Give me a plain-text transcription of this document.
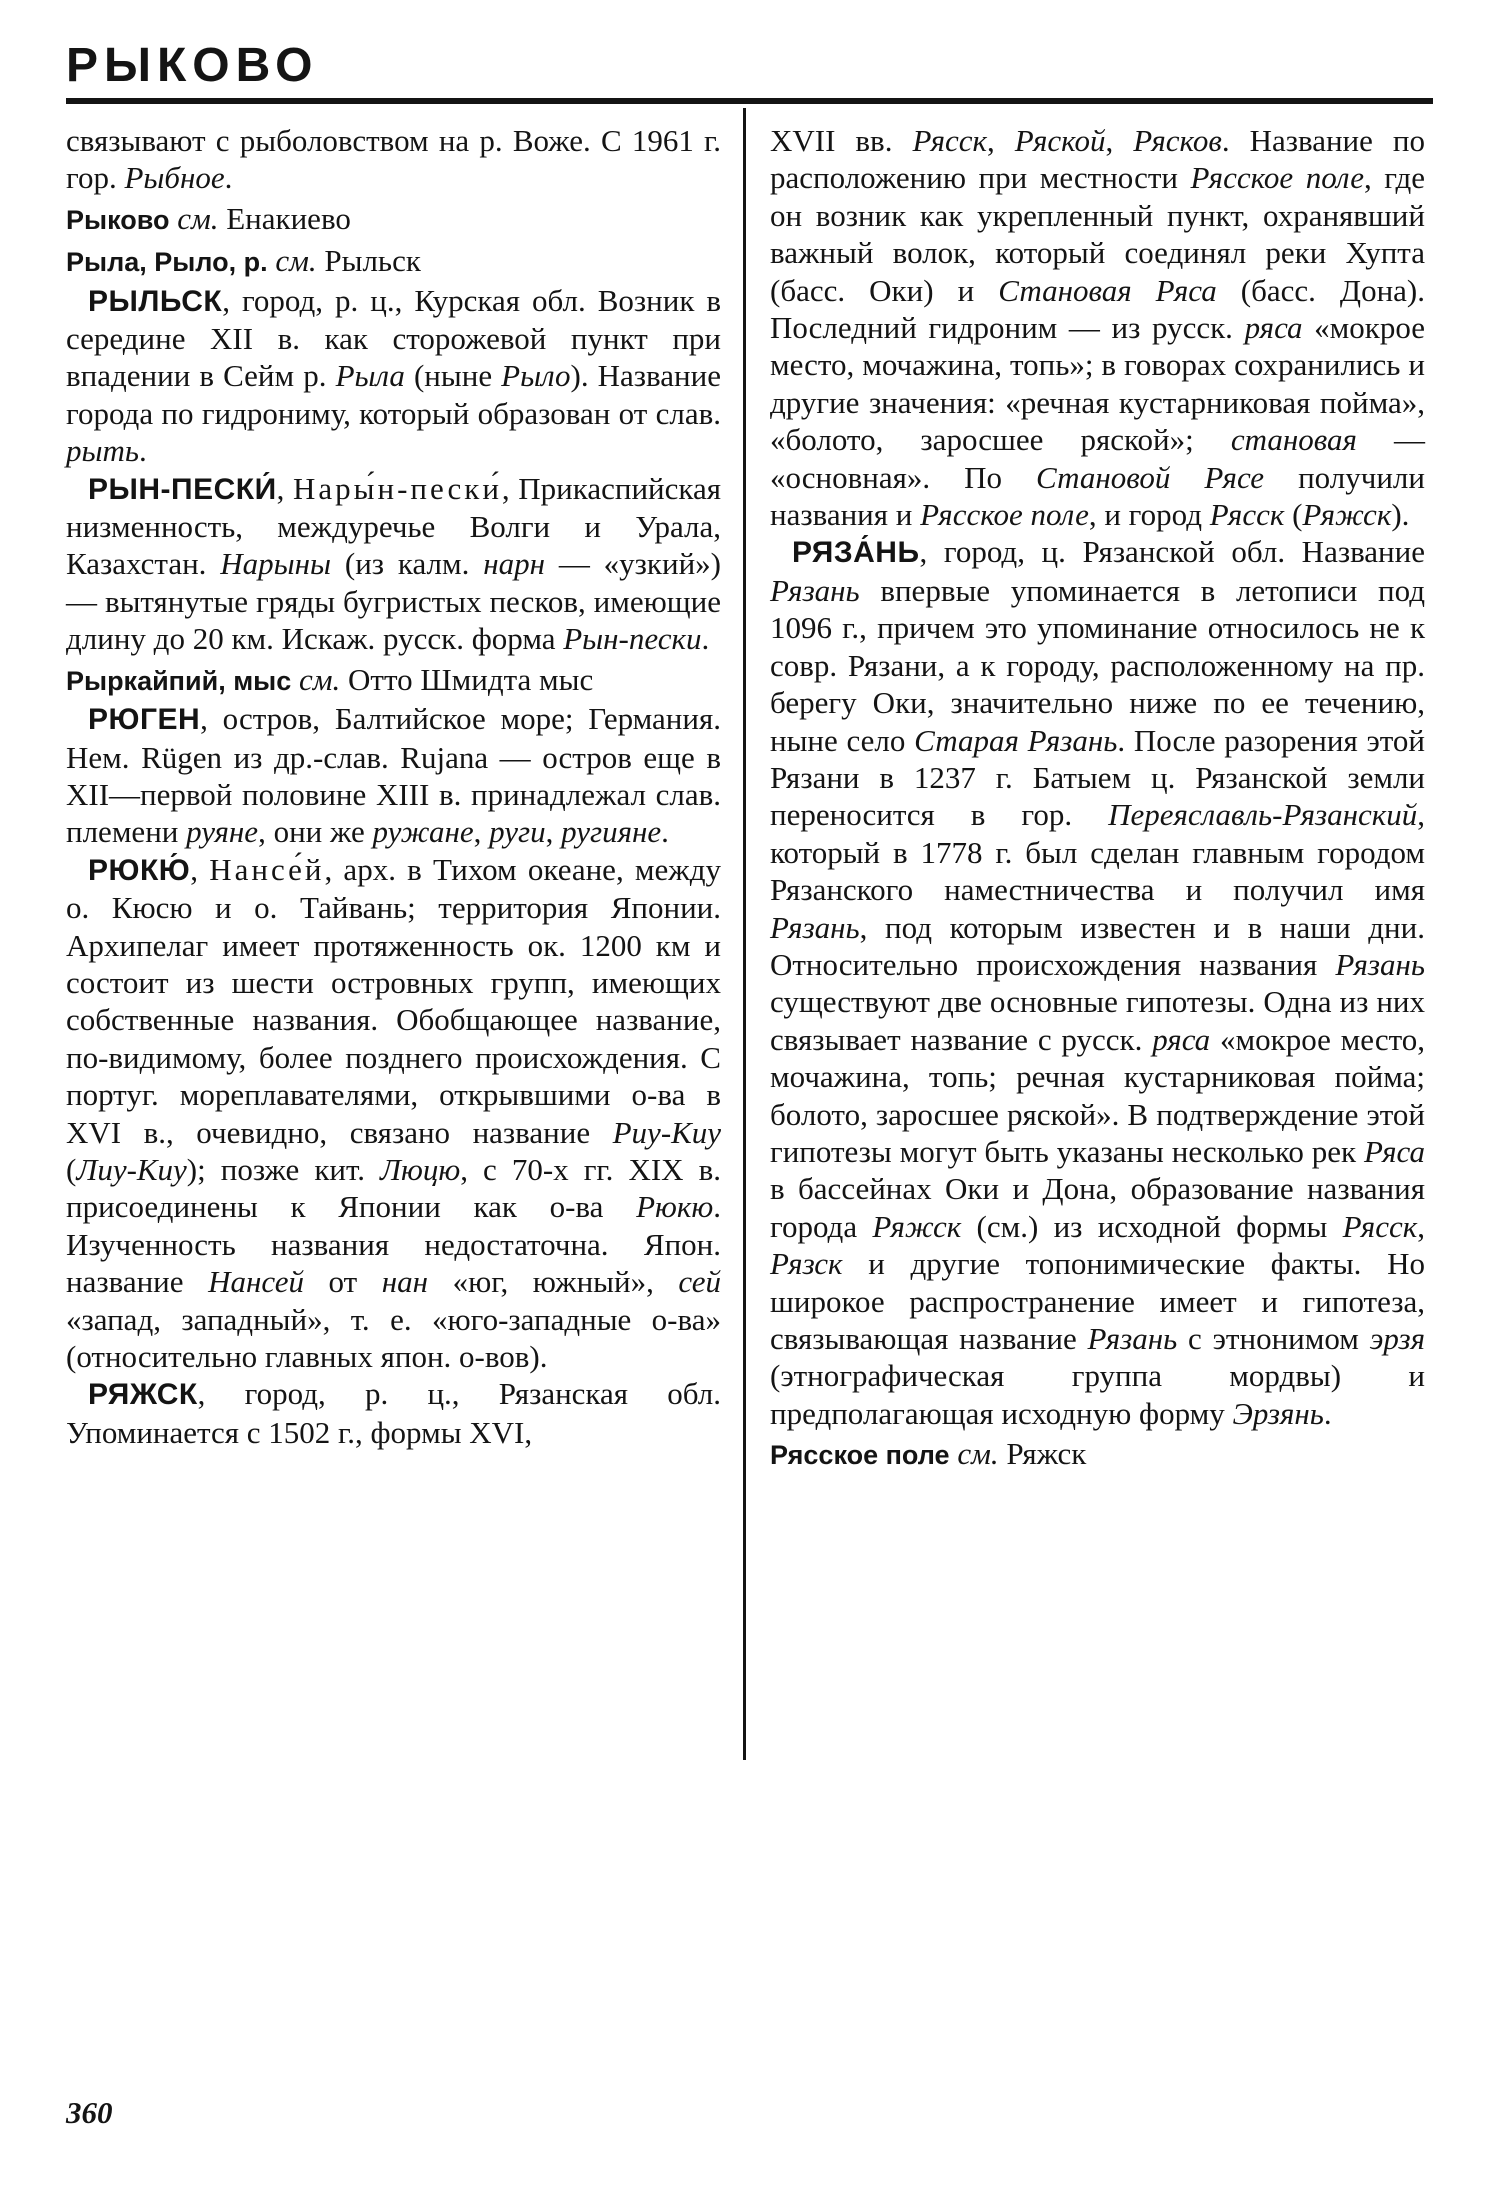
РЫКОВО

связывают с рыболовством на р. Воже. С 1961 г. гор. Рыбное.

Рыково см. Енакиево

Рыла, Рыло, р. см. Рыльск

РЫЛЬСК, город, р. ц., Курская обл. Возник в середине XII в. как сторожевой пункт при впадении в Сейм р. Рыла (ныне Рыло). Название города по гидрониму, который образован от слав. рыть.

РЫН-ПЕСКИ́, Нары́н-пески́, Прикаспийская низменность, междуречье Волги и Урала, Казахстан. Нарыны (из калм. нарн — «узкий») — вытянутые гряды бугристых песков, имеющие длину до 20 км. Искаж. русск. форма Рын-пески.

Рыркайпий, мыс см. Отто Шмидта мыс

РЮГЕН, остров, Балтийское море; Германия. Нем. Rügen из др.-слав. Rujana — остров еще в XII—первой половине XIII в. принадлежал слав. племени руяне, они же ружане, руги, ругияне.

РЮКЮ́, Нансе́й, арх. в Тихом океане, между о. Кюсю и о. Тайвань; территория Японии. Архипелаг имеет протяженность ок. 1200 км и состоит из шести островных групп, имеющих собственные названия. Обобщающее название, по-видимому, более позднего происхождения. С португ. мореплавателями, открывшими о-ва в XVI в., очевидно, связано название Риу-Киу (Лиу-Киу); позже кит. Люцю, с 70-х гг. XIX в. присоединены к Японии как о-ва Рюкю. Изученность названия недостаточна. Япон. название Нансей от нан «юг, южный», сей «запад, западный», т. е. «юго-западные о-ва» (относительно главных япон. о-вов).

РЯЖСК, город, р. ц., Рязанская обл. Упоминается с 1502 г., формы XVI,

XVII вв. Ряcск, Ряской, Рясков. Название по расположению при местности Рясское поле, где он возник как укрепленный пункт, охранявший важный волок, который соединял реки Хупта (басс. Оки) и Становая Ряса (басс. Дона). Последний гидроним — из русск. ряса «мокрое место, мочажина, топь»; в говорах сохранились и другие значения: «речная кустарниковая пойма», «болото, заросшее ряской»; становая — «основная». По Становой Рясе получили названия и Рясское поле, и город Ряcск (Ряжск).

РЯЗА́НЬ, город, ц. Рязанской обл. Название Рязань впервые упоминается в летописи под 1096 г., причем это упоминание относилось не к совр. Рязани, а к городу, расположенному на пр. берегу Оки, значительно ниже по ее течению, ныне село Старая Рязань. После разорения этой Рязани в 1237 г. Батыем ц. Рязанской земли переносится в гор. Переяславль-Рязанский, который в 1778 г. был сделан главным городом Рязанского наместничества и получил имя Рязань, под которым известен и в наши дни. Относительно происхождения названия Рязань существуют две основные гипотезы. Одна из них связывает название с русск. ряса «мокрое место, мочажина, топь; речная кустарниковая пойма; болото, заросшее ряской». В подтверждение этой гипотезы могут быть указаны несколько рек Ряса в бассейнах Оки и Дона, образование названия города Ряжск (см.) из исходной формы Ряcск, Рязск и другие топонимические факты. Но широкое распространение имеет и гипотеза, связывающая название Рязань с этнонимом эрзя (этнографическая группа мордвы) и предполагающая исходную форму Эрзянь.

Рясское поле см. Ряжск

360
